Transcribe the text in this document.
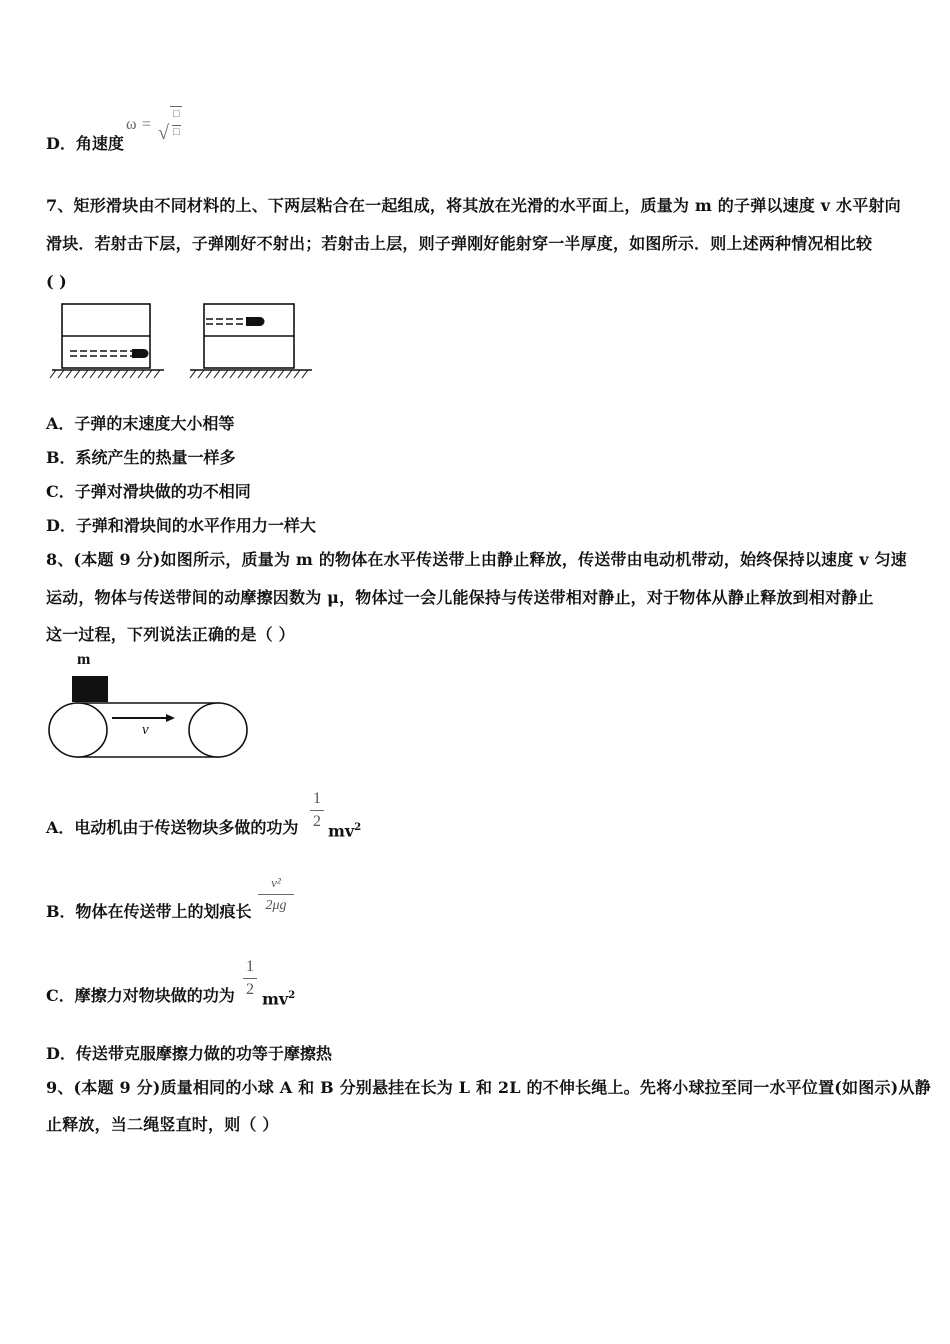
D．角速度
ω = √
□
□
7、矩形滑块由不同材料的上、下两层粘合在一起组成，将其放在光滑的水平面上，质量为 m 的子弹以速度 v 水平射向
滑块．若射击下层，子弹刚好不射出；若射击上层，则子弹刚好能射穿一半厚度，如图所示．则上述两种情况相比较
( )
A．子弹的末速度大小相等
B．系统产生的热量一样多
C．子弹对滑块做的功不相同
D．子弹和滑块间的水平作用力一样大
8、(本题 9 分)如图所示，质量为 m 的物体在水平传送带上由静止释放，传送带由电动机带动，始终保持以速度 v 匀速
运动，物体与传送带间的动摩擦因数为 μ，物体过一会儿能保持与传送带相对静止，对于物体从静止释放到相对静止
这一过程，下列说法正确的是（ ）
m
v
A．电动机由于传送物块多做的功为
1
2 $mv^2$
B．物体在传送带上的划痕长
v²
2μg
C．摩擦力对物块做的功为
1
2 $mv^2$
D．传送带克服摩擦力做的功等于摩擦热
9、(本题 9 分)质量相同的小球 A 和 B 分别悬挂在长为 L 和 2L 的不伸长绳上。先将小球拉至同一水平位置(如图示)从静
止释放，当二绳竖直时，则（ ）
